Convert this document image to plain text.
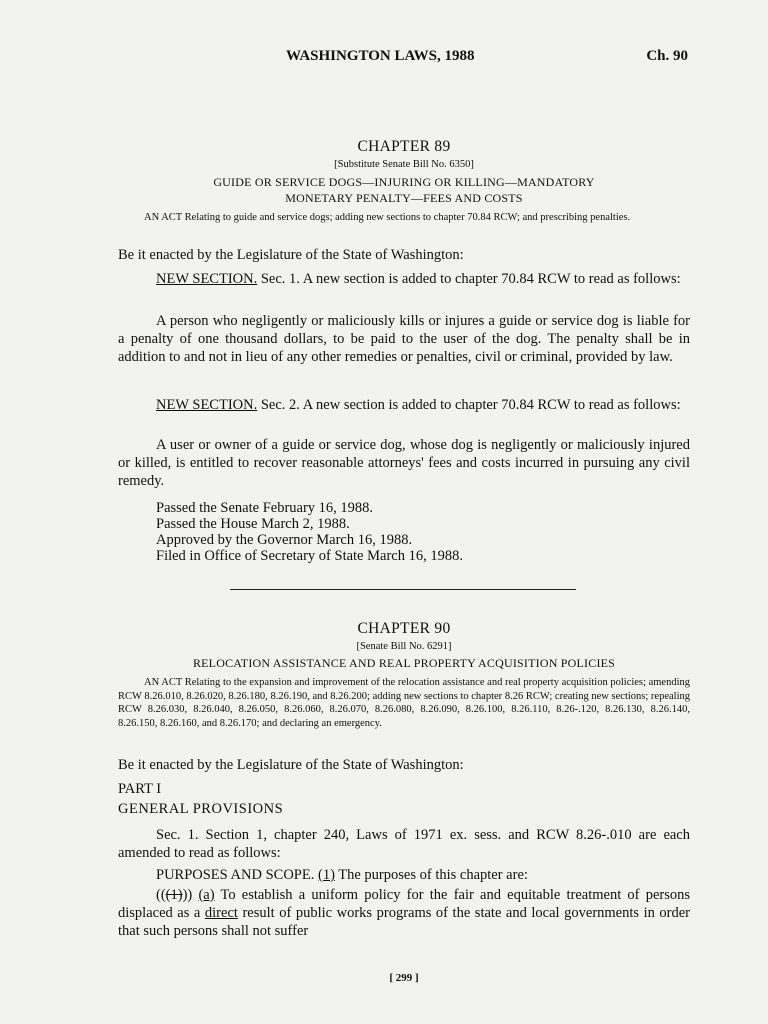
WASHINGTON LAWS, 1988	Ch. 90
CHAPTER 89
[Substitute Senate Bill No. 6350]
GUIDE OR SERVICE DOGS—INJURING OR KILLING—MANDATORY
MONETARY PENALTY—FEES AND COSTS
AN ACT Relating to guide and service dogs; adding new sections to chapter 70.84 RCW; and prescribing penalties.
Be it enacted by the Legislature of the State of Washington:
NEW SECTION. Sec. 1. A new section is added to chapter 70.84 RCW to read as follows:
A person who negligently or maliciously kills or injures a guide or service dog is liable for a penalty of one thousand dollars, to be paid to the user of the dog. The penalty shall be in addition to and not in lieu of any other remedies or penalties, civil or criminal, provided by law.
NEW SECTION. Sec. 2. A new section is added to chapter 70.84 RCW to read as follows:
A user or owner of a guide or service dog, whose dog is negligently or maliciously injured or killed, is entitled to recover reasonable attorneys' fees and costs incurred in pursuing any civil remedy.
Passed the Senate February 16, 1988.
Passed the House March 2, 1988.
Approved by the Governor March 16, 1988.
Filed in Office of Secretary of State March 16, 1988.
CHAPTER 90
[Senate Bill No. 6291]
RELOCATION ASSISTANCE AND REAL PROPERTY ACQUISITION POLICIES
AN ACT Relating to the expansion and improvement of the relocation assistance and real property acquisition policies; amending RCW 8.26.010, 8.26.020, 8.26.180, 8.26.190, and 8.26.200; adding new sections to chapter 8.26 RCW; creating new sections; repealing RCW 8.26.030, 8.26.040, 8.26.050, 8.26.060, 8.26.070, 8.26.080, 8.26.090, 8.26.100, 8.26.110, 8.26-.120, 8.26.130, 8.26.140, 8.26.150, 8.26.160, and 8.26.170; and declaring an emergency.
Be it enacted by the Legislature of the State of Washington:
PART I
GENERAL PROVISIONS
Sec. 1. Section 1, chapter 240, Laws of 1971 ex. sess. and RCW 8.26-.010 are each amended to read as follows:
PURPOSES AND SCOPE. (1) The purposes of this chapter are:
(((1))) (a) To establish a uniform policy for the fair and equitable treatment of persons displaced as a direct result of public works programs of the state and local governments in order that such persons shall not suffer
[ 299 ]
